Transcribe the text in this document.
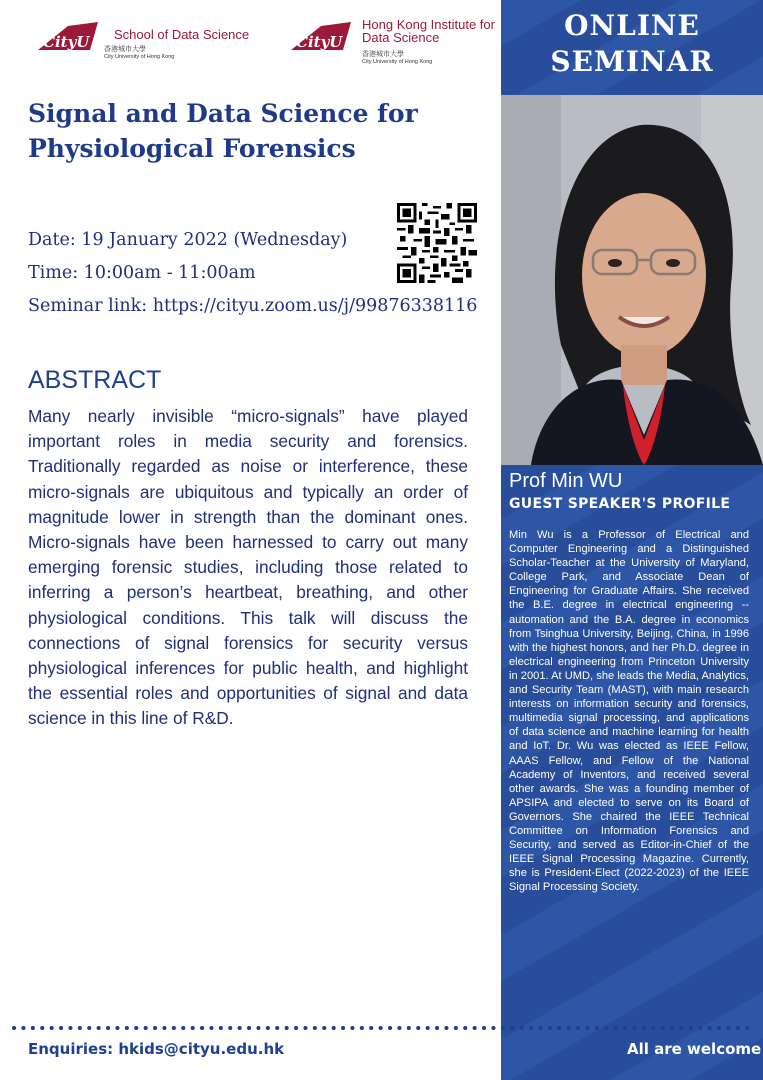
ONLINE
SEMINAR
Prof Min WU
GUEST SPEAKER'S PROFILE
Min Wu is a Professor of Electrical and Computer Engineering and a Distinguished Scholar-Teacher at the University of Maryland, College Park, and Associate Dean of Engineering for Graduate Affairs. She received the B.E. degree in electrical engineering -- automation and the B.A. degree in economics from Tsinghua University, Beijing, China, in 1996 with the highest honors, and her Ph.D. degree in electrical engineering from Princeton University in 2001. At UMD, she leads the Media, Analytics, and Security Team (MAST), with main research interests on information security and forensics, multimedia signal processing, and applications of data science and machine learning for health and IoT. Dr. Wu was elected as IEEE Fellow, AAAS Fellow, and Fellow of the National Academy of Inventors, and received several other awards. She was a founding member of APSIPA and elected to serve on its Board of Governors. She chaired the IEEE Technical Committee on Information Forensics and Security, and served as Editor-in-Chief of the IEEE Signal Processing Magazine. Currently, she is President-Elect (2022-2023) of the IEEE Signal Processing Society.
CityU School of Data Science
香港城市大學
City University of Hong Kong
CityU
Hong Kong Institute for
Data Science
香港城市大學
City University of Hong Kong
Signal and Data Science for
Physiological Forensics
Date: 19 January 2022 (Wednesday)
Time: 10:00am - 11:00am
Seminar link: https://cityu.zoom.us/j/99876338116
ABSTRACT
Many nearly invisible “micro-signals” have played important roles in media security and forensics. Traditionally regarded as noise or interference, these micro-signals are ubiquitous and typically an order of magnitude lower in strength than the dominant ones. Micro-signals have been harnessed to carry out many emerging forensic studies, including those related to inferring a person’s heartbeat, breathing, and other physiological conditions. This talk will discuss the connections of signal forensics for security versus physiological inferences for public health, and highlight the essential roles and opportunities of signal and data science in this line of R&D.
Enquiries: hkids@cityu.edu.hk	All are welcome
